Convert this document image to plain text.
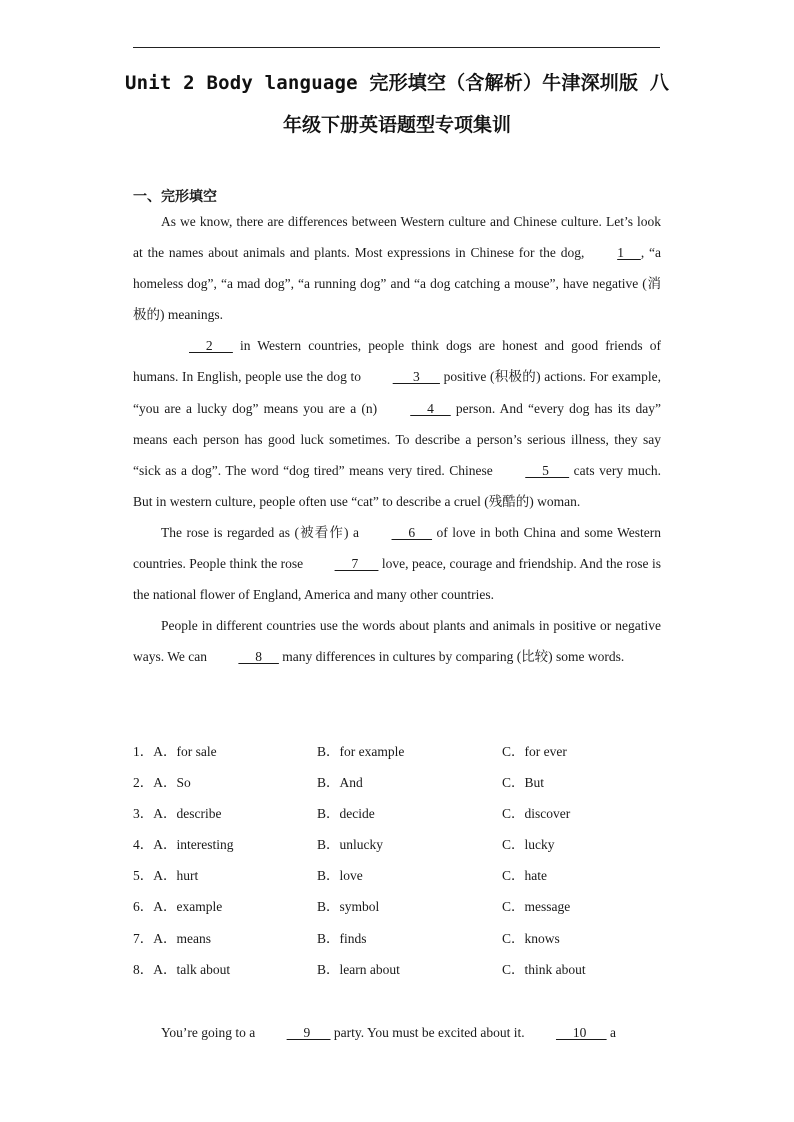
Unit 2 Body language 完形填空（含解析）牛津深圳版 八
年级下册英语题型专项集训
一、完形填空

As we know, there are differences between Western culture and Chinese culture. Let’s look at the names about animals and plants. Most expressions in Chinese for the dog, 1     , “a homeless dog”, “a mad dog”, “a running dog” and “a dog catching a mouse”, have negative (消极的) meanings.

2       in Western countries, people think dogs are honest and good friends of humans. In English, people use the dog to       3       positive (积极的) actions. For example, “you are a lucky dog” means you are a (n)      4      person. And “every dog has its day” means each person has good luck sometimes. To describe a person’s serious illness, they say “sick as a dog”. The word “dog tired” means very tired. Chinese      5       cats very much. But in western culture, people often use “cat” to describe a cruel (残酷的) woman.

The rose is regarded as (被看作) a      6      of love in both China and some Western countries. People think the rose      7       love, peace, courage and friendship. And the rose is the national flower of England, America and many other countries.

People in different countries use the words about plants and animals in positive or negative ways. We can      8      many differences in cultures by comparing (比较) some words.

1．A．for sale	B．for example	C．for ever
2．A．So	B．And	C．But
3．A．describe	B．decide	C．discover
4．A．interesting	B．unlucky	C．lucky
5．A．hurt	B．love	C．hate
6．A．example	B．symbol	C．message
7．A．means	B．finds	C．knows
8．A．talk about	B．learn about	C．think about

You’re going to a      9       party. You must be excited about it.      10       a
